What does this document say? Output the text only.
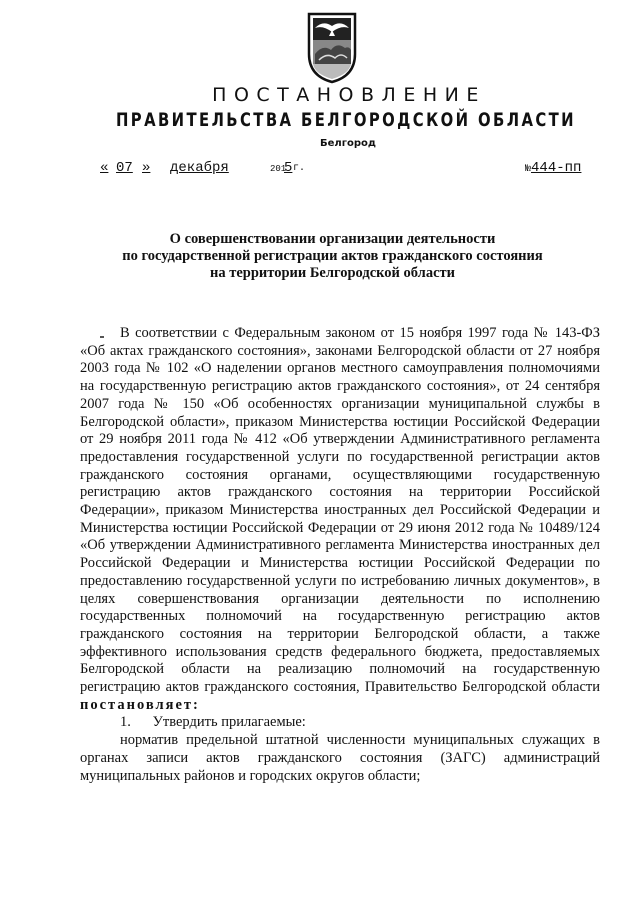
ПОСТАНОВЛЕНИЕ
ПРАВИТЕЛЬСТВА БЕЛГОРОДСКОЙ ОБЛАСТИ
Белгород
« 07 » декабря	201
5 г.	№444-пп
О совершенствовании организации деятельности
по государственной регистрации актов гражданского состояния
на территории Белгородской области

В соответствии с Федеральным законом от 15 ноября 1997 года № 143-ФЗ «Об актах гражданского состояния», законами Белгородской области от 27 ноября 2003 года № 102 «О наделении органов местного самоуправления полномочиями на государственную регистрацию актов гражданского состояния», от 24 сентября 2007 года № 150 «Об особенностях организации муниципальной службы в Белгородской области», приказом Министерства юстиции Российской Федерации от 29 ноября 2011 года № 412 «Об утверждении Административного регламента предоставления государственной услуги по государственной регистрации актов гражданского состояния органами, осуществляющими государственную регистрацию актов гражданского состояния на территории Российской Федерации», приказом Министерства иностранных дел Российской Федерации и Министерства юстиции Российской Федерации от 29 июня 2012 года № 10489/124 «Об утверждении Административного регламента Министерства иностранных дел Российской Федерации и Министерства юстиции Российской Федерации по предоставлению государственной услуги по истребованию личных документов», в целях совершенствования организации деятельности по исполнению государственных полномочий на государственную регистрацию актов гражданского состояния на территории Белгородской области, а также эффективного использования средств федерального бюджета, предоставляемых Белгородской области на реализацию полномочий на государственную регистрацию актов гражданского состояния, Правительство Белгородской области постановляет:

1.      Утвердить прилагаемые:

норматив предельной штатной численности муниципальных служащих в органах записи актов гражданского состояния (ЗАГС) администраций муниципальных районов и городских округов области;
